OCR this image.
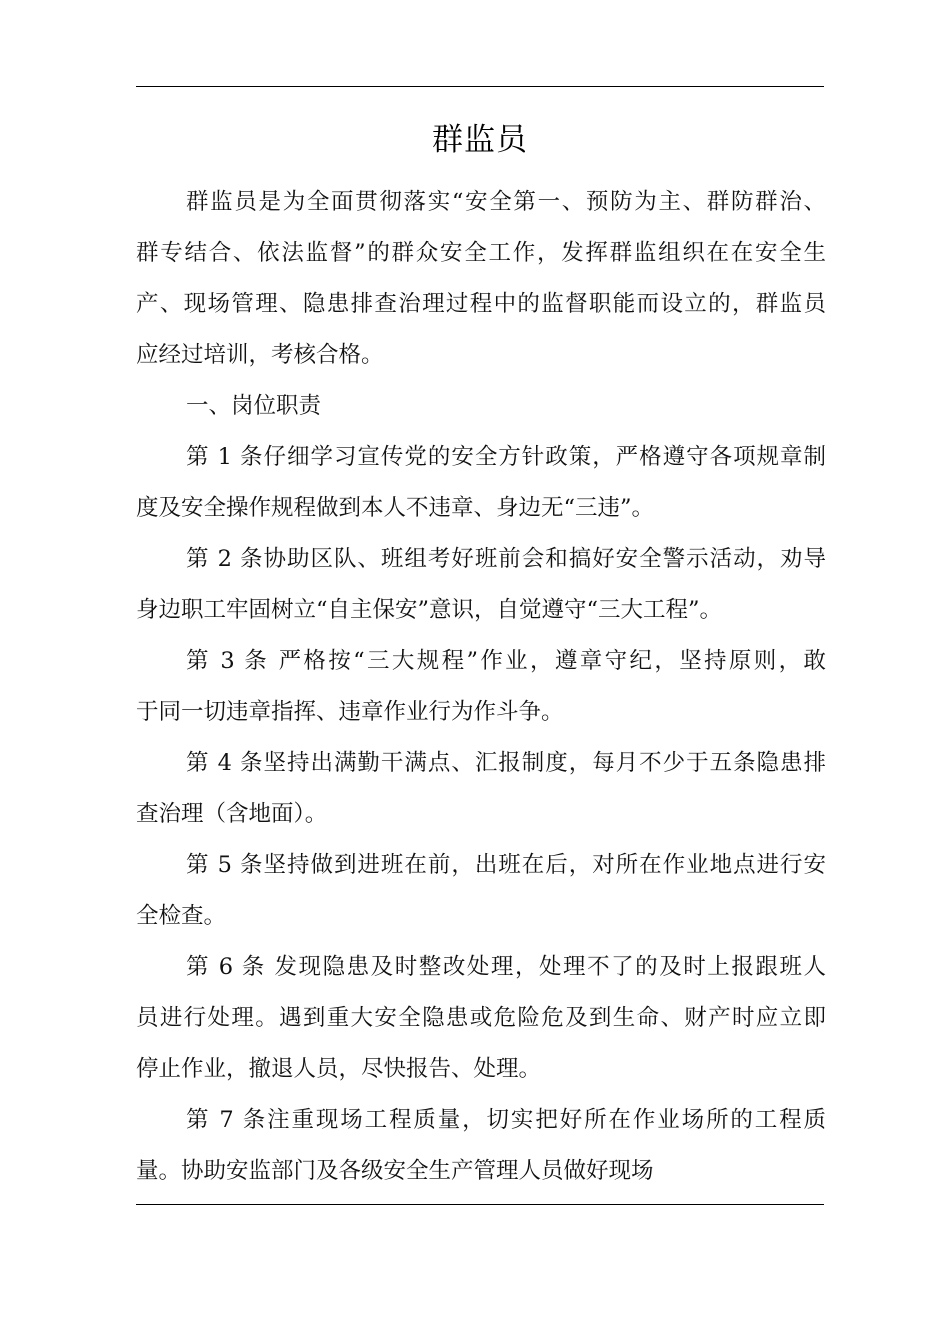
群监员
群监员是为全面贯彻落实“安全第一、预防为主、群防群治、
群专结合、依法监督”的群众安全工作，发挥群监组织在在安全生
产、现场管理、隐患排查治理过程中的监督职能而设立的，群监员
应经过培训，考核合格。
一、岗位职责
第 1 条仔细学习宣传党的安全方针政策，严格遵守各项规章制
度及安全操作规程做到本人不违章、身边无“三违”。
第 2 条协助区队、班组考好班前会和搞好安全警示活动，劝导
身边职工牢固树立“自主保安”意识，自觉遵守“三大工程”。
第 3 条 严格按“三大规程”作业，遵章守纪，坚持原则，敢
于同一切违章指挥、违章作业行为作斗争。
第 4 条坚持出满勤干满点、汇报制度，每月不少于五条隐患排
查治理（含地面）。
第 5 条坚持做到进班在前，出班在后，对所在作业地点进行安
全检查。
第 6 条 发现隐患及时整改处理，处理不了的及时上报跟班人
员进行处理。遇到重大安全隐患或危险危及到生命、财产时应立即
停止作业，撤退人员，尽快报告、处理。
第 7 条注重现场工程质量，切实把好所在作业场所的工程质
量。协助安监部门及各级安全生产管理人员做好现场
